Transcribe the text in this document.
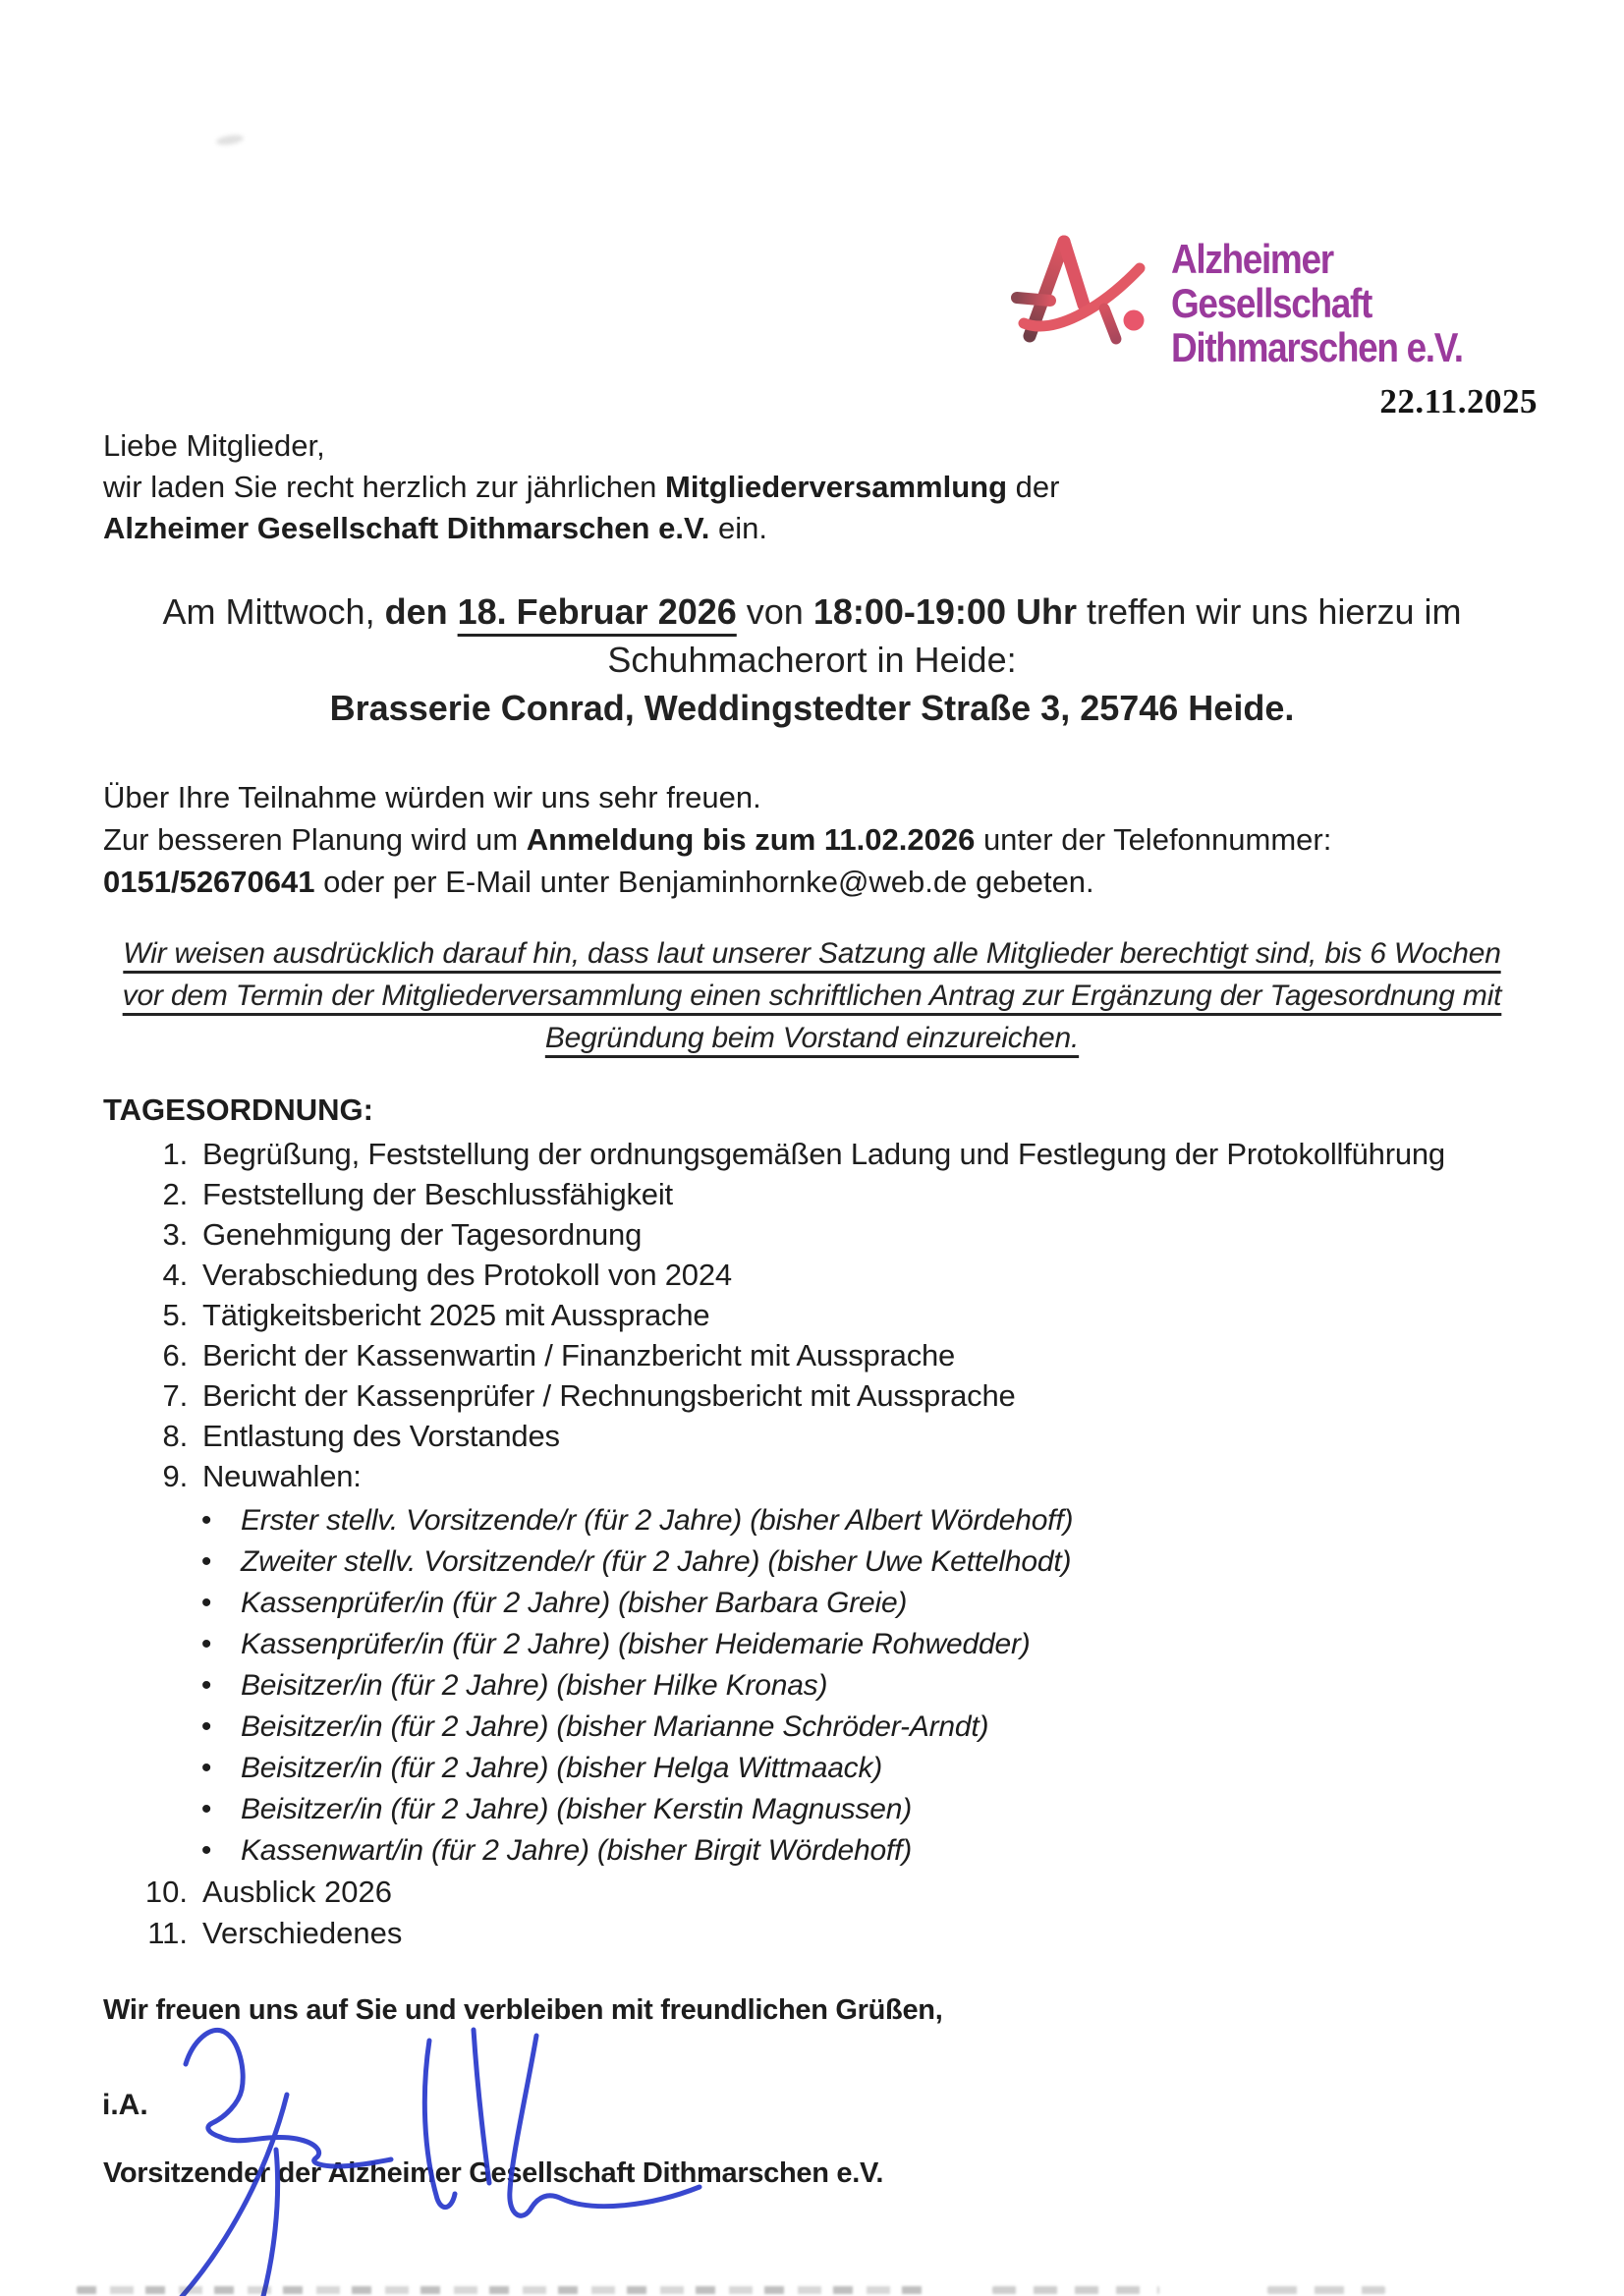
Alzheimer
Gesellschaft
Dithmarschen e.V.
22.11.2025
Liebe Mitglieder,
wir laden Sie recht herzlich zur jährlichen Mitgliederversammlung der
Alzheimer Gesellschaft Dithmarschen e.V. ein.
Am Mittwoch, den 18. Februar 2026 von 18:00-19:00 Uhr treffen wir uns hierzu im
Schuhmacherort in Heide:
Brasserie Conrad, Weddingstedter Straße 3, 25746 Heide.
Über Ihre Teilnahme würden wir uns sehr freuen.
Zur besseren Planung wird um Anmeldung bis zum 11.02.2026 unter der Telefonnummer:
0151/52670641 oder per E-Mail unter Benjaminhornke@web.de gebeten.
Wir weisen ausdrücklich darauf hin, dass laut unserer Satzung alle Mitglieder berechtigt sind, bis 6 Wochen
vor dem Termin der Mitgliederversammlung einen schriftlichen Antrag zur Ergänzung der Tagesordnung mit
Begründung beim Vorstand einzureichen.
TAGESORDNUNG:
1. Begrüßung, Feststellung der ordnungsgemäßen Ladung und Festlegung der Protokollführung
2. Feststellung der Beschlussfähigkeit
3. Genehmigung der Tagesordnung
4. Verabschiedung des Protokoll von 2024
5. Tätigkeitsbericht 2025 mit Aussprache
6. Bericht der Kassenwartin / Finanzbericht mit Aussprache
7. Bericht der Kassenprüfer / Rechnungsbericht mit Aussprache
8. Entlastung des Vorstandes
9. Neuwahlen:
• Erster stellv. Vorsitzende/r (für 2 Jahre) (bisher Albert Wördehoff)
• Zweiter stellv. Vorsitzende/r (für 2 Jahre) (bisher Uwe Kettelhodt)
• Kassenprüfer/in (für 2 Jahre) (bisher Barbara Greie)
• Kassenprüfer/in (für 2 Jahre) (bisher Heidemarie Rohwedder)
• Beisitzer/in (für 2 Jahre) (bisher Hilke Kronas)
• Beisitzer/in (für 2 Jahre) (bisher Marianne Schröder-Arndt)
• Beisitzer/in (für 2 Jahre) (bisher Helga Wittmaack)
• Beisitzer/in (für 2 Jahre) (bisher Kerstin Magnussen)
• Kassenwart/in (für 2 Jahre) (bisher Birgit Wördehoff)
10. Ausblick 2026
11. Verschiedenes
Wir freuen uns auf Sie und verbleiben mit freundlichen Grüßen,
i.A.
Vorsitzender der Alzheimer Gesellschaft Dithmarschen e.V.
